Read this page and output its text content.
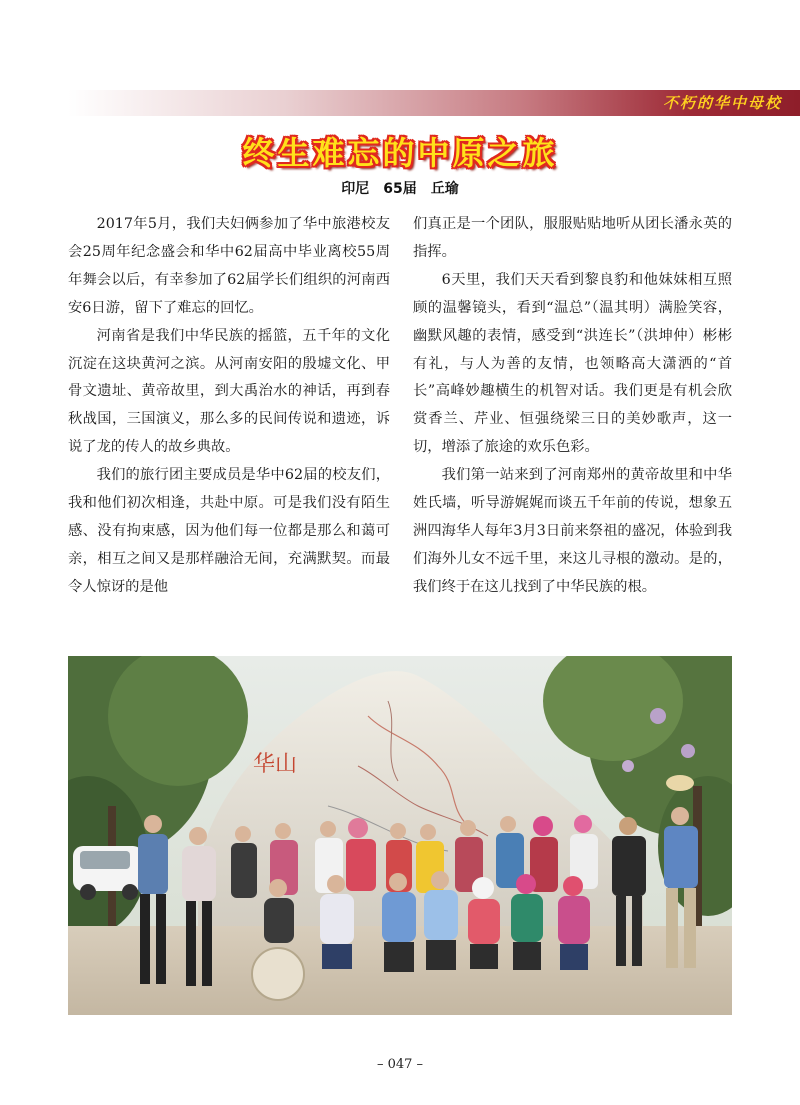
不朽的华中母校
终生难忘的中原之旅
印尼　65届　丘瑜

2017年5月，我们夫妇俩参加了华中旅港校友会25周年纪念盛会和华中62届高中毕业离校55周年舞会以后，有幸参加了62届学长们组织的河南西安6日游，留下了难忘的回忆。

河南省是我们中华民族的摇篮，五千年的文化沉淀在这块黄河之滨。从河南安阳的殷墟文化、甲骨文遗址、黄帝故里，到大禹治水的神话，再到春秋战国，三国演义，那么多的民间传说和遗迹，诉说了龙的传人的故乡典故。

我们的旅行团主要成员是华中62届的校友们，我和他们初次相逢，共赴中原。可是我们没有陌生感、没有拘束感，因为他们每一位都是那么和蔼可亲，相互之间又是那样融洽无间，充满默契。而最令人惊讶的是他

们真正是一个团队，服服贴贴地听从团长潘永英的指挥。

6天里，我们天天看到黎良豹和他妹妹相互照顾的温馨镜头，看到“温总”（温其明）满脸笑容，幽默风趣的表情，感受到“洪连长”（洪坤仲）彬彬有礼，与人为善的友情，也领略高大潇洒的“首长”高峰妙趣横生的机智对话。我们更是有机会欣赏香兰、芹业、恒强绕梁三日的美妙歌声，这一切，增添了旅途的欢乐色彩。

我们第一站来到了河南郑州的黄帝故里和中华姓氏墙，听导游娓娓而谈五千年前的传说，想象五洲四海华人每年3月3日前来祭祖的盛况，体验到我们海外儿女不远千里，来这儿寻根的激动。是的，我们终于在这儿找到了中华民族的根。

华山
– 047 –
